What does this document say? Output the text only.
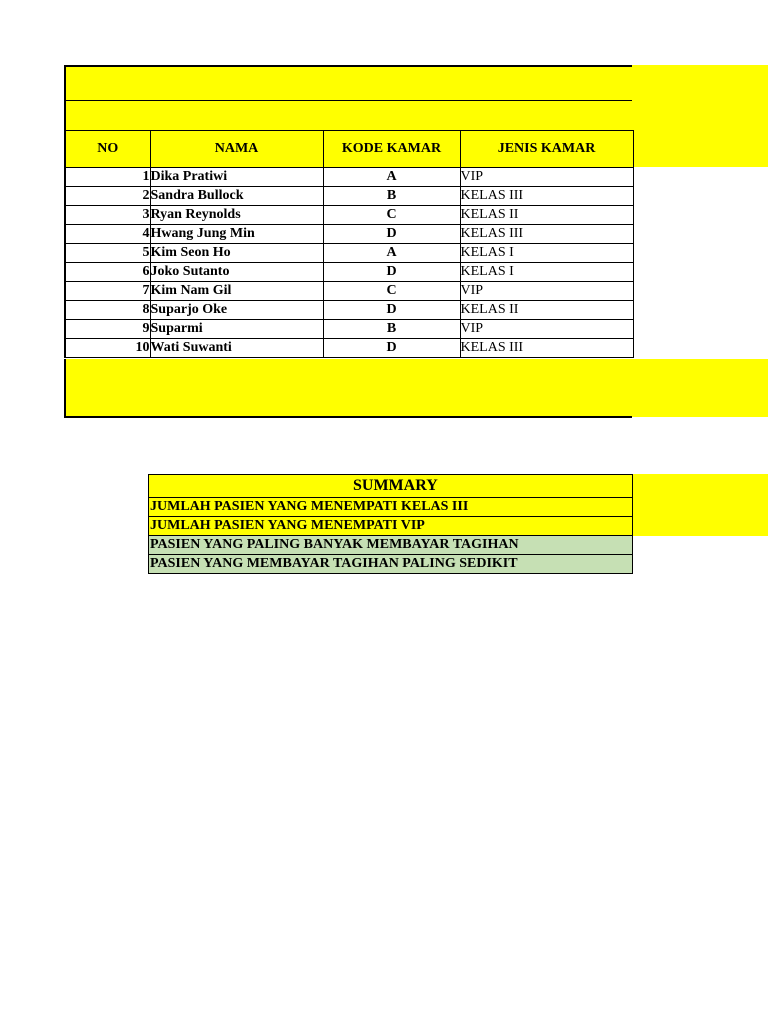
NO	NAMA	KODE KAMAR	JENIS KAMAR
1	Dika Pratiwi	A	VIP
2	Sandra Bullock	B	KELAS III
3	Ryan Reynolds	C	KELAS II
4	Hwang Jung Min	D	KELAS III
5	Kim Seon Ho	A	KELAS I
6	Joko Sutanto	D	KELAS I
7	Kim Nam Gil	C	VIP
8	Suparjo Oke	D	KELAS II
9	Suparmi	B	VIP
10	Wati Suwanti	D	KELAS III
SUMMARY
JUMLAH PASIEN YANG MENEMPATI KELAS III
JUMLAH PASIEN YANG MENEMPATI VIP
PASIEN YANG PALING BANYAK MEMBAYAR TAGIHAN
PASIEN YANG MEMBAYAR TAGIHAN PALING SEDIKIT
